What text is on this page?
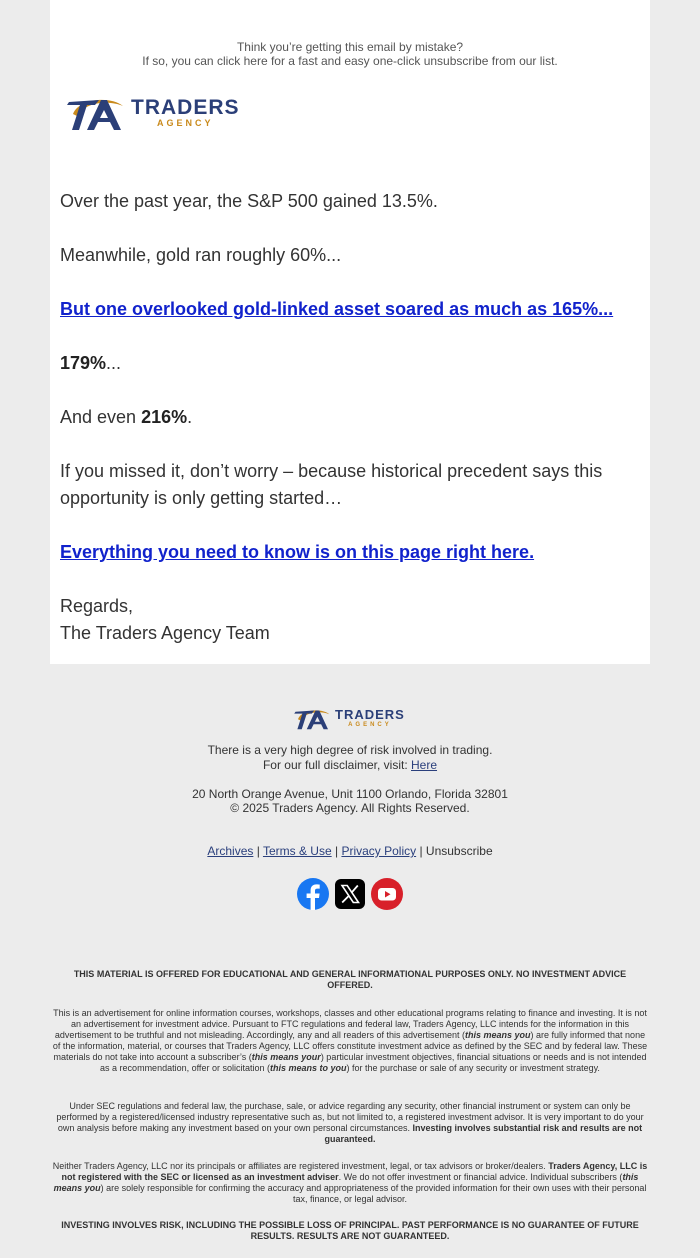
Think you’re getting this email by mistake?
If so, you can click here for a fast and easy one-click unsubscribe from our list.
TA
TRADERS
AGENCY
Over the past year, the S&P 500 gained 13.5%.
Meanwhile, gold ran roughly 60%...
But one overlooked gold-linked asset soared as much as 165%...
179%...
And even 216%.
If you missed it, don’t worry – because historical precedent says this opportunity is only getting started…
Everything you need to know is on this page right here.
Regards,
The Traders Agency Team
TRADERS
AGENCY
There is a very high degree of risk involved in trading.
For our full disclaimer, visit: Here
20 North Orange Avenue, Unit 1100 Orlando, Florida 32801
© 2025 Traders Agency. All Rights Reserved.
Archives | Terms & Use | Privacy Policy | Unsubscribe
THIS MATERIAL IS OFFERED FOR EDUCATIONAL AND GENERAL INFORMATIONAL PURPOSES ONLY. NO INVESTMENT ADVICE OFFERED.
This is an advertisement for online information courses, workshops, classes and other educational programs relating to finance and investing. It is not an advertisement for investment advice. Pursuant to FTC regulations and federal law, Traders Agency, LLC intends for the information in this advertisement to be truthful and not misleading. Accordingly, any and all readers of this advertisement (this means you) are fully informed that none of the information, material, or courses that Traders Agency, LLC offers constitute investment advice as defined by the SEC and by federal law. These materials do not take into account a subscriber’s (this means your) particular investment objectives, financial situations or needs and is not intended as a recommendation, offer or solicitation (this means to you) for the purchase or sale of any security or investment strategy.
Under SEC regulations and federal law, the purchase, sale, or advice regarding any security, other financial instrument or system can only be performed by a registered/licensed industry representative such as, but not limited to, a registered investment advisor. It is very important to do your own analysis before making any investment based on your own personal circumstances. Investing involves substantial risk and results are not guaranteed.
Neither Traders Agency, LLC nor its principals or affiliates are registered investment, legal, or tax advisors or broker/dealers. Traders Agency, LLC is not registered with the SEC or licensed as an investment adviser. We do not offer investment or financial advice. Individual subscribers (this means you) are solely responsible for confirming the accuracy and appropriateness of the provided information for their own uses with their personal tax, finance, or legal advisor.
INVESTING INVOLVES RISK, INCLUDING THE POSSIBLE LOSS OF PRINCIPAL. PAST PERFORMANCE IS NO GUARANTEE OF FUTURE RESULTS. RESULTS ARE NOT GUARANTEED.
